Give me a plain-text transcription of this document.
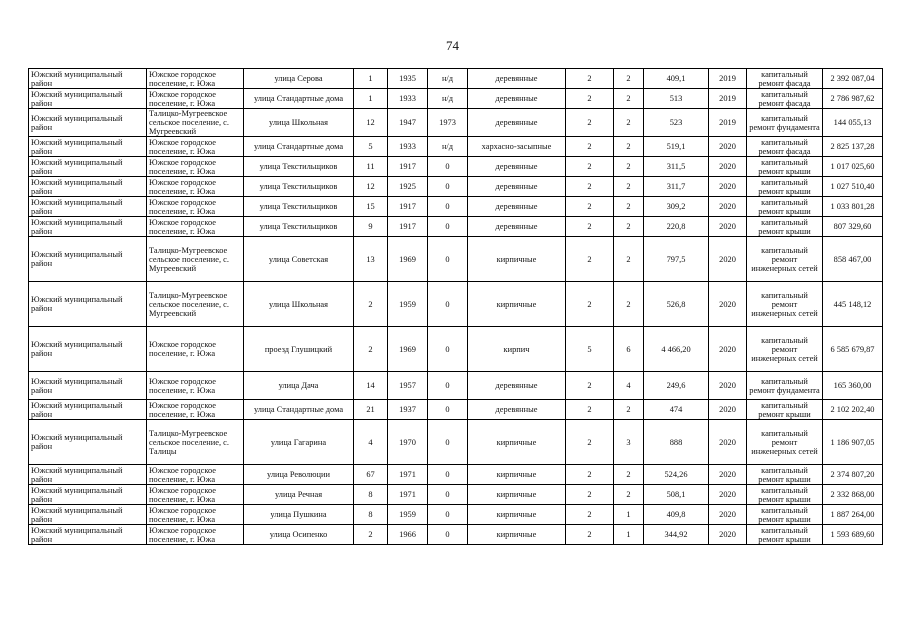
74
Южский муниципальный район	Южское городское поселение, г. Южа	улица Серова	1	1935	н/д	деревянные	2	2	409,1	2019	капитальный ремонт фасада	2 392 087,04
Южский муниципальный район	Южское городское поселение, г. Южа	улица Стандартные дома	1	1933	н/д	деревянные	2	2	513	2019	капитальный ремонт фасада	2 786 987,62
Южский муниципальный район	Талицко-Мугреевское сельское поселение, с. Мугреевский	улица Школьная	12	1947	1973	деревянные	2	2	523	2019	капитальный ремонт фундамента	144 055,13
Южский муниципальный район	Южское городское поселение, г. Южа	улица Стандартные дома	5	1933	н/д	хархасно-засыпные	2	2	519,1	2020	капитальный ремонт фасада	2 825 137,28
Южский муниципальный район	Южское городское поселение, г. Южа	улица Текстильщиков	11	1917	0	деревянные	2	2	311,5	2020	капитальный ремонт крыши	1 017 025,60
Южский муниципальный район	Южское городское поселение, г. Южа	улица Текстильщиков	12	1925	0	деревянные	2	2	311,7	2020	капитальный ремонт крыши	1 027 510,40
Южский муниципальный район	Южское городское поселение, г. Южа	улица Текстильщиков	15	1917	0	деревянные	2	2	309,2	2020	капитальный ремонт крыши	1 033 801,28
Южский муниципальный район	Южское городское поселение, г. Южа	улица Текстильщиков	9	1917	0	деревянные	2	2	220,8	2020	капитальный ремонт крыши	807 329,60
Южский муниципальный район	Талицко-Мугреевское сельское поселение, с. Мугреевский	улица Советская	13	1969	0	кирпичные	2	2	797,5	2020	капитальный ремонт инженерных сетей	858 467,00
Южский муниципальный район	Талицко-Мугреевское сельское поселение, с. Мугреевский	улица Школьная	2	1959	0	кирпичные	2	2	526,8	2020	капитальный ремонт инженерных сетей	445 148,12
Южский муниципальный район	Южское городское поселение, г. Южа	проезд Глушицкий	2	1969	0	кирпич	5	6	4 466,20	2020	капитальный ремонт инженерных сетей	6 585 679,87
Южский муниципальный район	Южское городское поселение, г. Южа	улица Дача	14	1957	0	деревянные	2	4	249,6	2020	капитальный ремонт фундамента	165 360,00
Южский муниципальный район	Южское городское поселение, г. Южа	улица Стандартные дома	21	1937	0	деревянные	2	2	474	2020	капитальный ремонт крыши	2 102 202,40
Южский муниципальный район	Талицко-Мугреевское сельское поселение, с. Талицы	улица Гагарина	4	1970	0	кирпичные	2	3	888	2020	капитальный ремонт инженерных сетей	1 186 907,05
Южский муниципальный район	Южское городское поселение, г. Южа	улица Революции	67	1971	0	кирпичные	2	2	524,26	2020	капитальный ремонт крыши	2 374 807,20
Южский муниципальный район	Южское городское поселение, г. Южа	улица Речная	8	1971	0	кирпичные	2	2	508,1	2020	капитальный ремонт крыши	2 332 868,00
Южский муниципальный район	Южское городское поселение, г. Южа	улица Пушкина	8	1959	0	кирпичные	2	1	409,8	2020	капитальный ремонт крыши	1 887 264,00
Южский муниципальный район	Южское городское поселение, г. Южа	улица Осипенко	2	1966	0	кирпичные	2	1	344,92	2020	капитальный ремонт крыши	1 593 689,60
